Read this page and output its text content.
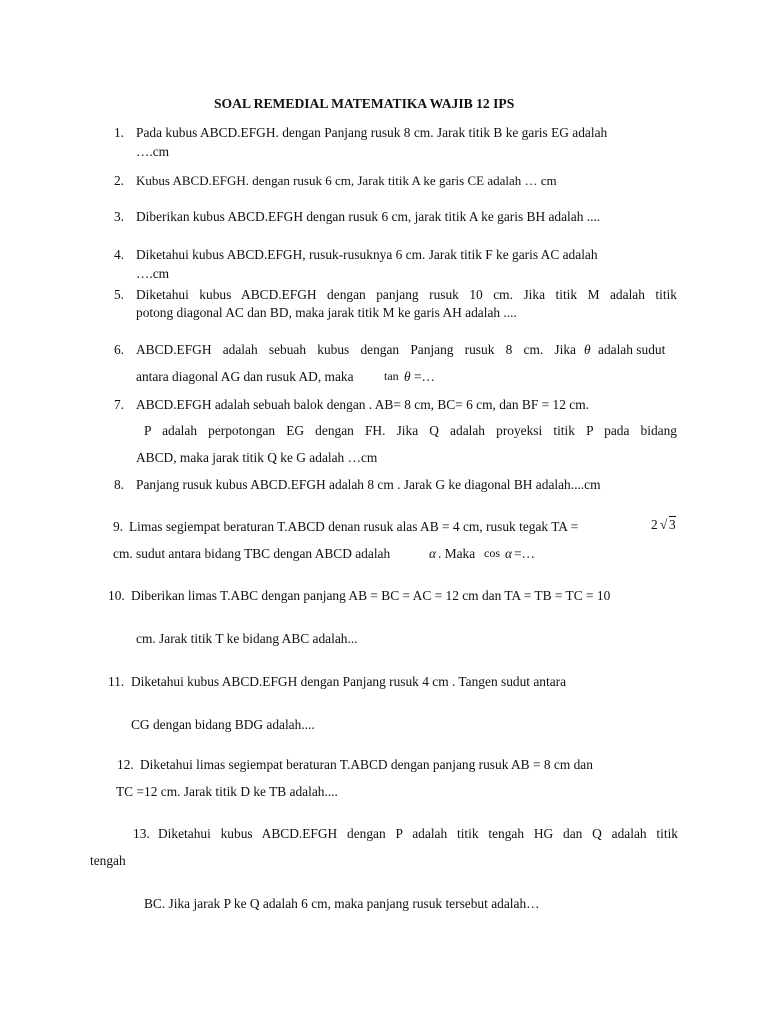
SOAL REMEDIAL MATEMATIKA WAJIB 12 IPS
1. Pada kubus ABCD.EFGH. dengan Panjang rusuk 8 cm. Jarak titik B ke garis EG adalah
….cm
2. Kubus ABCD.EFGH. dengan rusuk 6 cm, Jarak titik A ke garis CE adalah … cm
3. Diberikan kubus ABCD.EFGH dengan rusuk 6 cm, jarak titik A ke garis BH adalah ....
4. Diketahui kubus ABCD.EFGH, rusuk-rusuknya 6 cm. Jarak titik F ke garis AC adalah
….cm
5. Diketahui kubus ABCD.EFGH dengan panjang rusuk 10 cm. Jika titik M adalah titik
potong diagonal AC dan BD, maka jarak titik M ke garis AH adalah ....
6. ABCD.EFGH adalah sebuah kubus dengan Panjang rusuk 8 cm. Jika θ adalah sudut
antara diagonal AG dan rusuk AD, maka	tan θ =…
7. ABCD.EFGH adalah sebuah balok dengan . AB= 8 cm, BC= 6 cm, dan BF = 12 cm.
P adalah perpotongan EG dengan FH. Jika Q adalah proyeksi titik P pada bidang
ABCD, maka jarak titik Q ke G adalah …cm
8. Panjang rusuk kubus ABCD.EFGH adalah 8 cm . Jarak G ke diagonal BH adalah....cm
9. Limas segiempat beraturan T.ABCD denan rusuk alas AB = 4 cm, rusuk tegak TA =	2 √ 3
cm. sudut antara bidang TBC dengan ABCD adalah	α . Maka cos α =…
10. Diberikan limas T.ABC dengan panjang AB = BC = AC = 12 cm dan TA = TB = TC = 10
cm. Jarak titik T ke bidang ABC adalah...
11. Diketahui kubus ABCD.EFGH dengan Panjang rusuk 4 cm . Tangen sudut antara
CG dengan bidang BDG adalah....
12. Diketahui limas segiempat beraturan T.ABCD dengan panjang rusuk AB = 8 cm dan
TC =12 cm. Jarak titik D ke TB adalah....
13. Diketahui kubus ABCD.EFGH dengan P adalah titik tengah HG dan Q adalah titik
tengah
BC. Jika jarak P ke Q adalah 6 cm, maka panjang rusuk tersebut adalah…
